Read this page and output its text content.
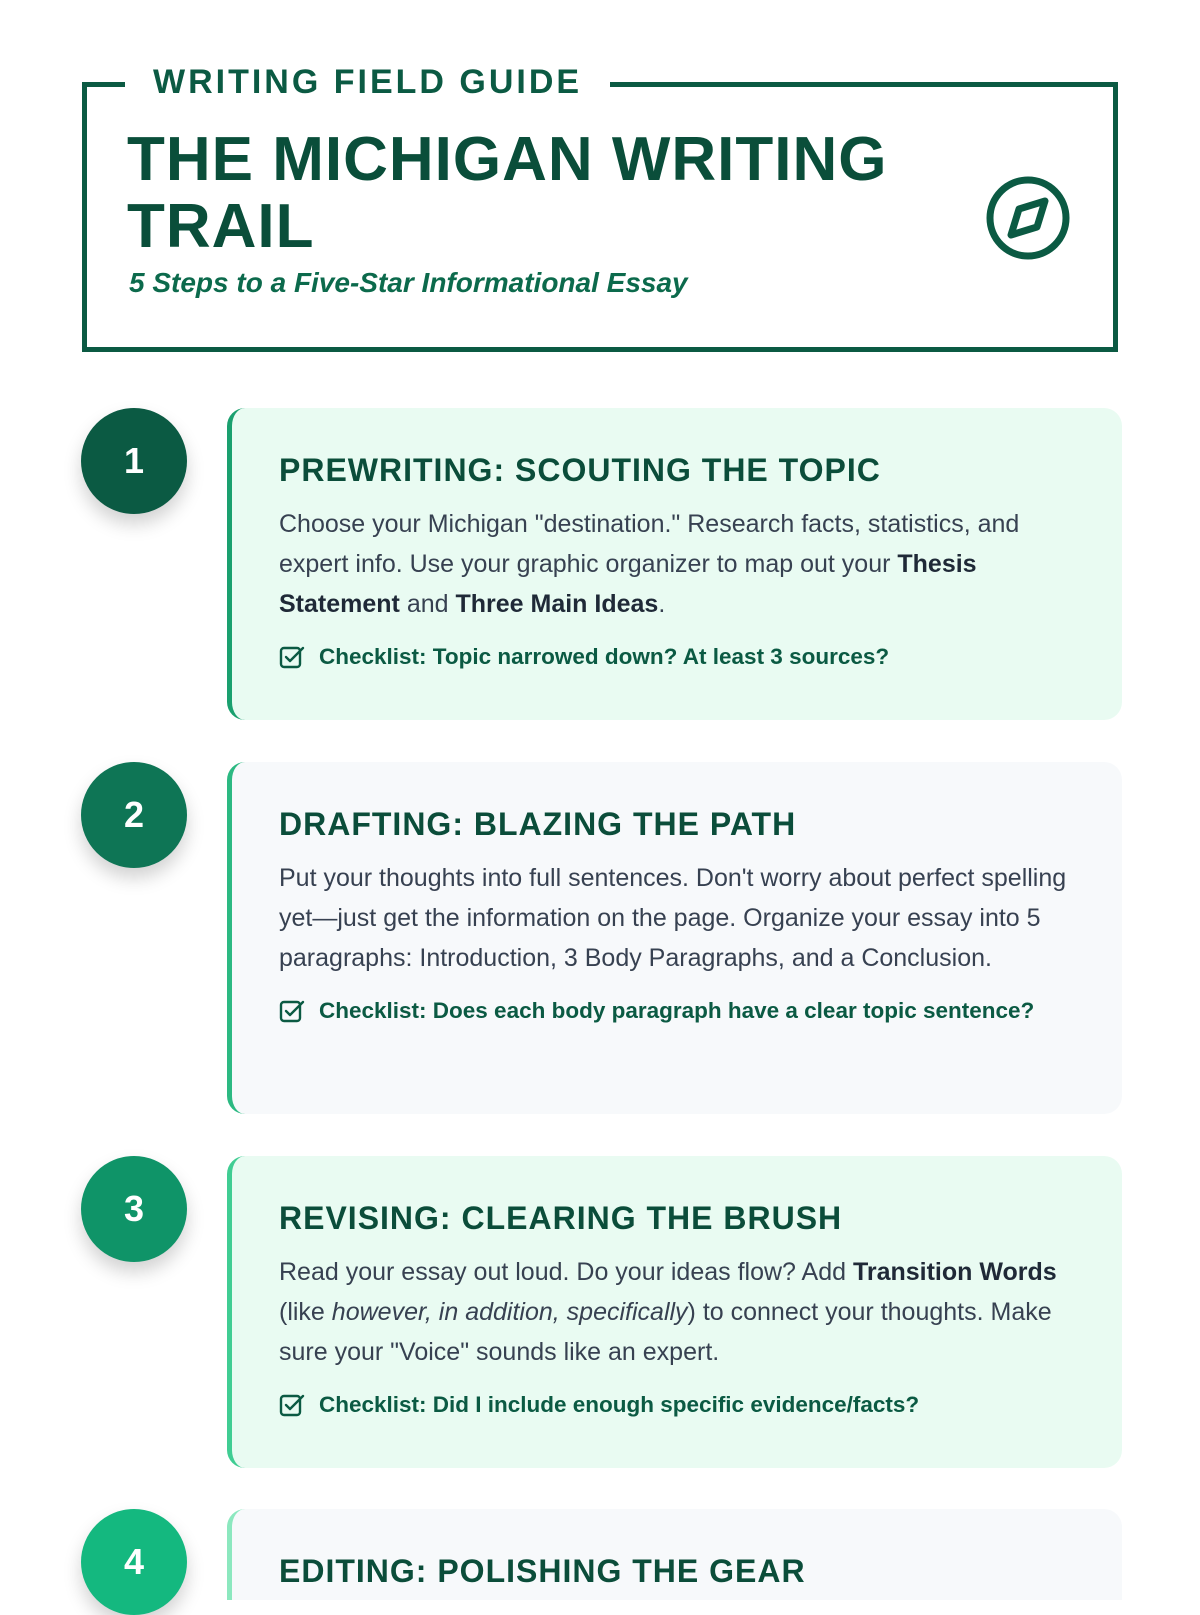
WRITING FIELD GUIDE
THE MICHIGAN WRITING TRAIL
5 Steps to a Five-Star Informational Essay
1	PREWRITING: SCOUTING THE TOPIC

Choose your Michigan "destination." Research facts, statistics, and expert info. Use your graphic organizer to map out your Thesis Statement and Three Main Ideas.

Checklist: Topic narrowed down? At least 3 sources?
2	DRAFTING: BLAZING THE PATH

Put your thoughts into full sentences. Don't worry about perfect spelling yet—just get the information on the page. Organize your essay into 5 paragraphs: Introduction, 3 Body Paragraphs, and a Conclusion.

Checklist: Does each body paragraph have a clear topic sentence?
3	REVISING: CLEARING THE BRUSH

Read your essay out loud. Do your ideas flow? Add Transition Words (like however, in addition, specifically) to connect your thoughts. Make sure your "Voice" sounds like an expert.

Checklist: Did I include enough specific evidence/facts?
4	EDITING: POLISHING THE GEAR
